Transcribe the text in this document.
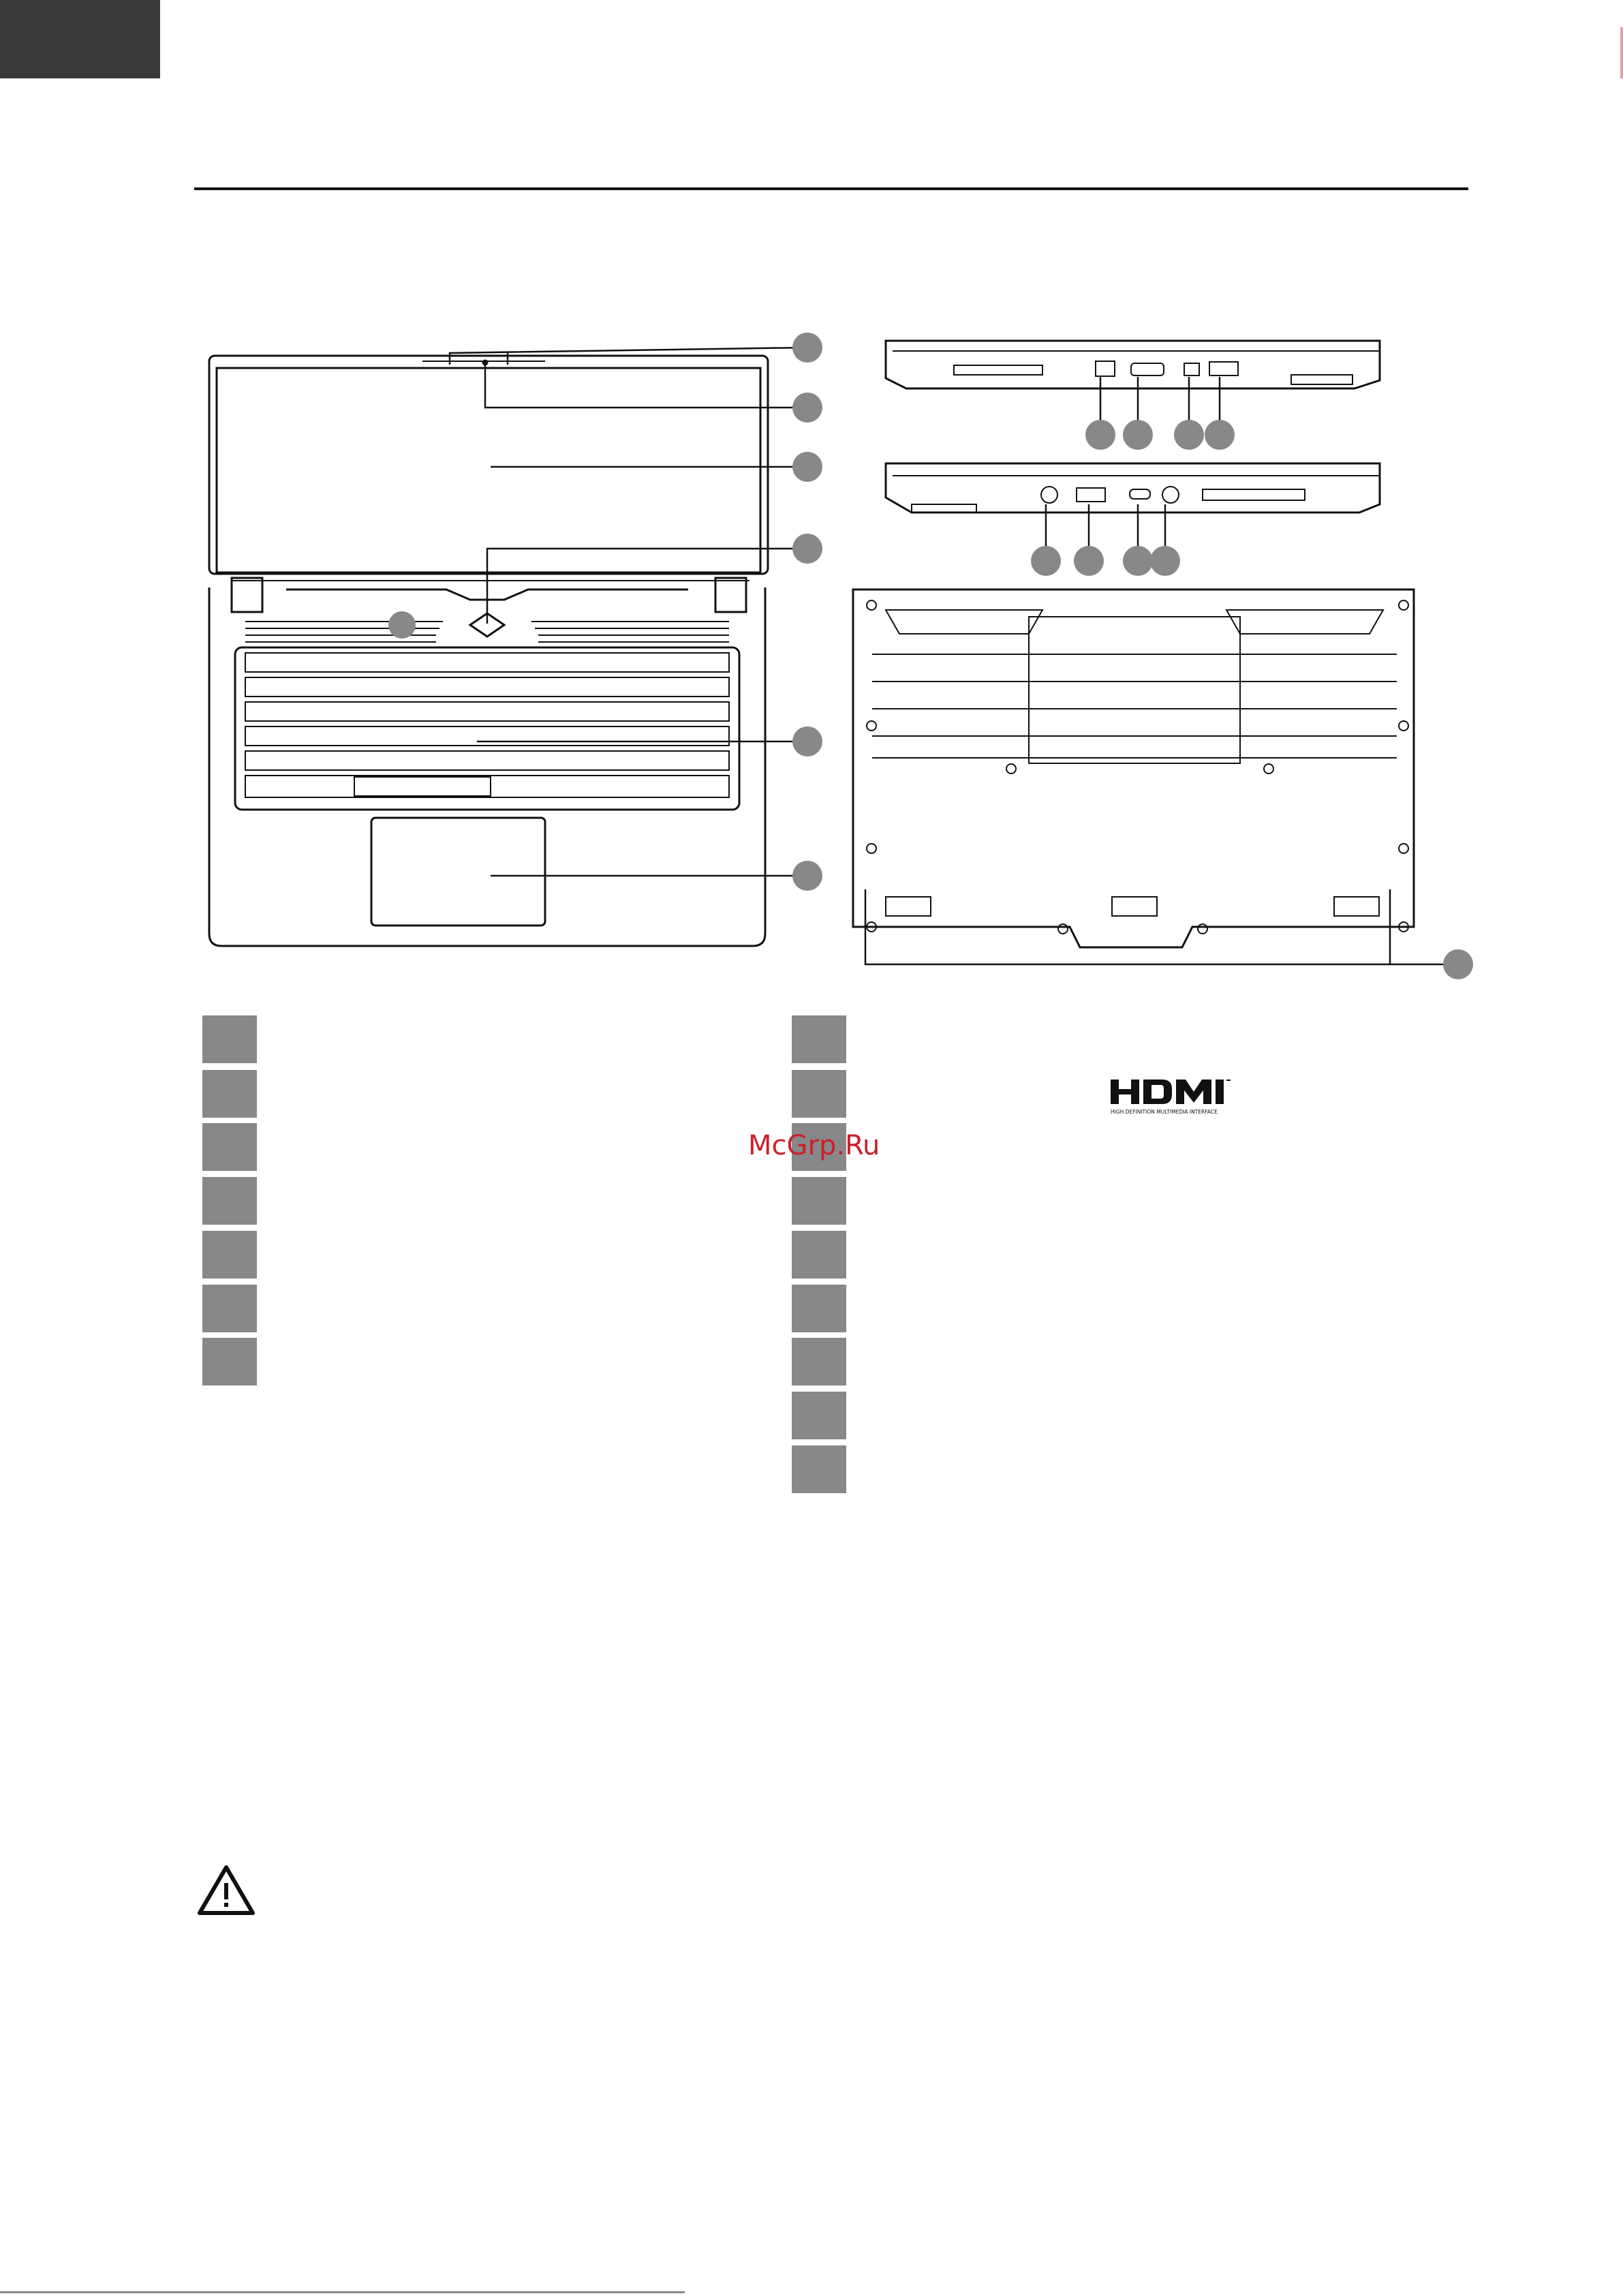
HIGH DEFINITION MULTIMEDIA INTERFACE
McGrp.Ru
